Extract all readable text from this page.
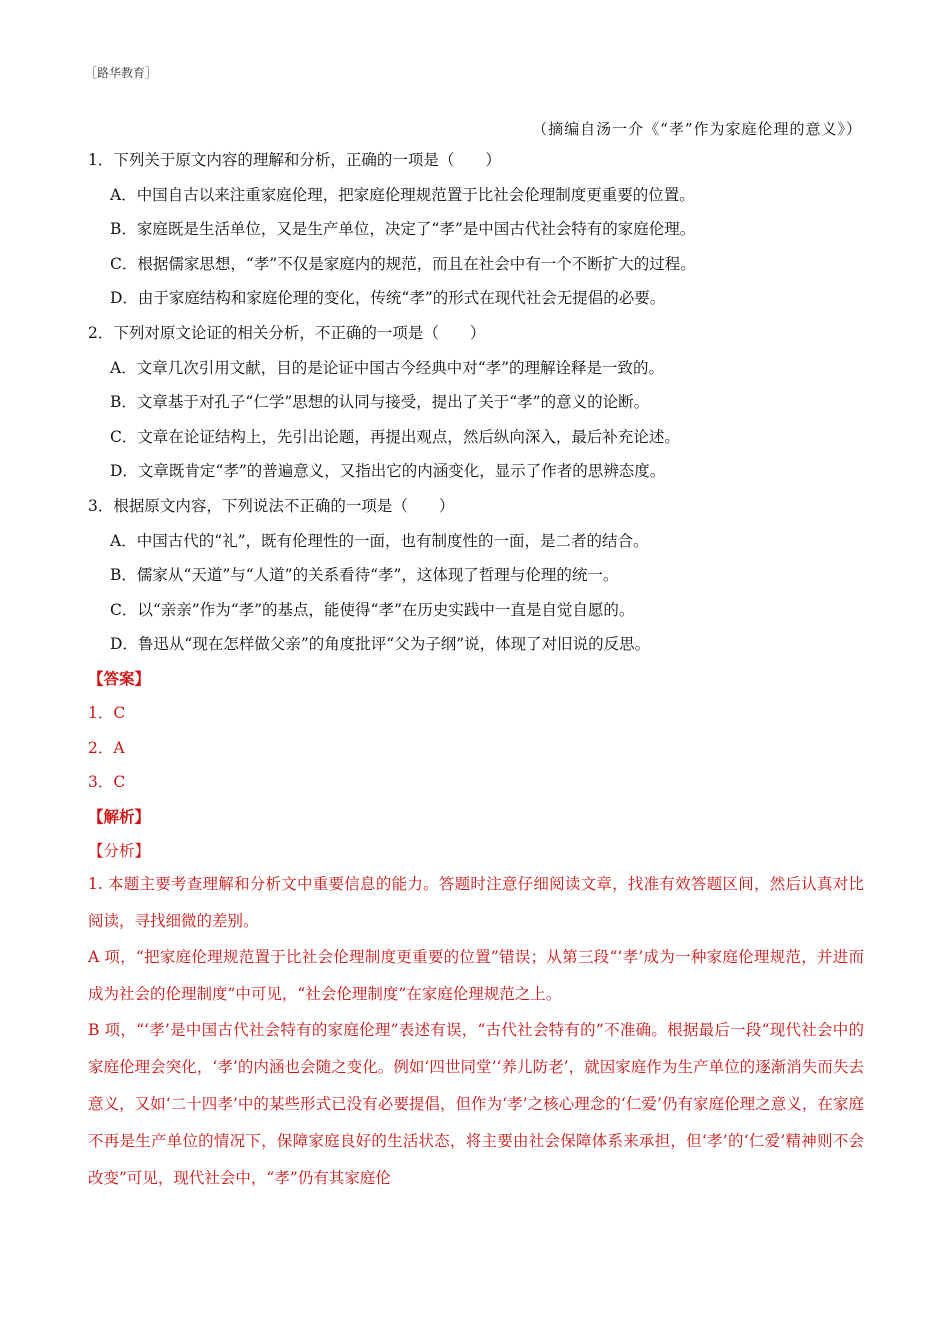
［路华教育］
（摘编自汤一介《“孝”作为家庭伦理的意义》）
1．下列关于原文内容的理解和分析，正确的一项是（　　）
A．中国自古以来注重家庭伦理，把家庭伦理规范置于比社会伦理制度更重要的位置。
B．家庭既是生活单位，又是生产单位，决定了“孝”是中国古代社会特有的家庭伦理。
C．根据儒家思想，“孝”不仅是家庭内的规范，而且在社会中有一个不断扩大的过程。
D．由于家庭结构和家庭伦理的变化，传统“孝”的形式在现代社会无提倡的必要。
2．下列对原文论证的相关分析，不正确的一项是（　　）
A．文章几次引用文献，目的是论证中国古今经典中对“孝”的理解诠释是一致的。
B．文章基于对孔子“仁学”思想的认同与接受，提出了关于“孝”的意义的论断。
C．文章在论证结构上，先引出论题，再提出观点，然后纵向深入，最后补充论述。
D．文章既肯定“孝”的普遍意义，又指出它的内涵变化，显示了作者的思辨态度。
3．根据原文内容，下列说法不正确的一项是（　　）
A．中国古代的“礼”，既有伦理性的一面，也有制度性的一面，是二者的结合。
B．儒家从“天道”与“人道”的关系看待“孝”，这体现了哲理与伦理的统一。
C．以“亲亲”作为“孝”的基点，能使得“孝”在历史实践中一直是自觉自愿的。
D．鲁迅从“现在怎样做父亲”的角度批评“父为子纲”说，体现了对旧说的反思。
【答案】
1．C
2．A
3．C
【解析】
【分析】
1. 本题主要考查理解和分析文中重要信息的能力。答题时注意仔细阅读文章，找准有效答题区间，然后认真对比阅读，寻找细微的差别。
A 项，“把家庭伦理规范置于比社会伦理制度更重要的位置”错误；从第三段“‘孝’成为一种家庭伦理规范，并进而成为社会的伦理制度”中可见，“社会伦理制度”在家庭伦理规范之上。
B 项，“‘孝’是中国古代社会特有的家庭伦理”表述有误，“古代社会特有的”不准确。根据最后一段“现代社会中的家庭伦理会突化，‘孝’的内涵也会随之变化。例如‘四世同堂’‘养儿防老’，就因家庭作为生产单位的逐渐消失而失去意义，又如‘二十四孝’中的某些形式已没有必要提倡，但作为‘孝’之核心理念的‘仁爱’仍有家庭伦理之意义，在家庭不再是生产单位的情况下，保障家庭良好的生活状态，将主要由社会保障体系来承担，但‘孝’的‘仁爱’精神则不会改变”可见，现代社会中，“孝”仍有其家庭伦
